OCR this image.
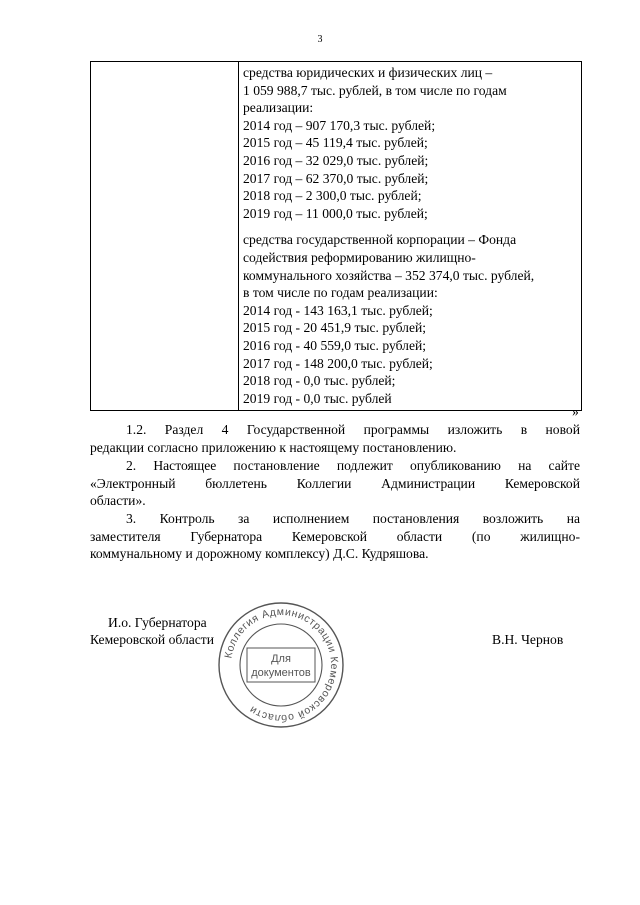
3

средства юридических и физических лиц –
1 059 988,7 тыс. рублей, в том числе по годам
реализации:
2014 год – 907 170,3 тыс. рублей;
2015 год – 45 119,4 тыс. рублей;
2016 год – 32 029,0 тыс. рублей;
2017 год – 62 370,0 тыс. рублей;
2018 год – 2 300,0 тыс. рублей;
2019 год – 11 000,0 тыс. рублей;
средства государственной корпорации – Фонда
содействия реформированию жилищно-
коммунального хозяйства – 352 374,0 тыс. рублей,
в том числе по годам реализации:
2014 год - 143 163,1 тыс. рублей;
2015 год - 20 451,9 тыс. рублей;
2016 год - 40 559,0 тыс. рублей;
2017 год - 148 200,0 тыс. рублей;
2018 год - 0,0 тыс. рублей;
2019 год - 0,0 тыс. рублей
»
1.2. Раздел 4 Государственной программы изложить в новой
редакции согласно приложению к настоящему постановлению.
2. Настоящее постановление подлежит опубликованию на сайте
«Электронный бюллетень Коллегии Администрации Кемеровской
области».
3. Контроль за исполнением постановления возложить на
заместителя Губернатора Кемеровской области (по жилищно-
коммунальному и дорожному комплексу) Д.С. Кудряшова.
И.о. Губернатора
Кемеровской области	В.Н. Чернов
Коллегия Администрации Кемеровской области
Для
документов
